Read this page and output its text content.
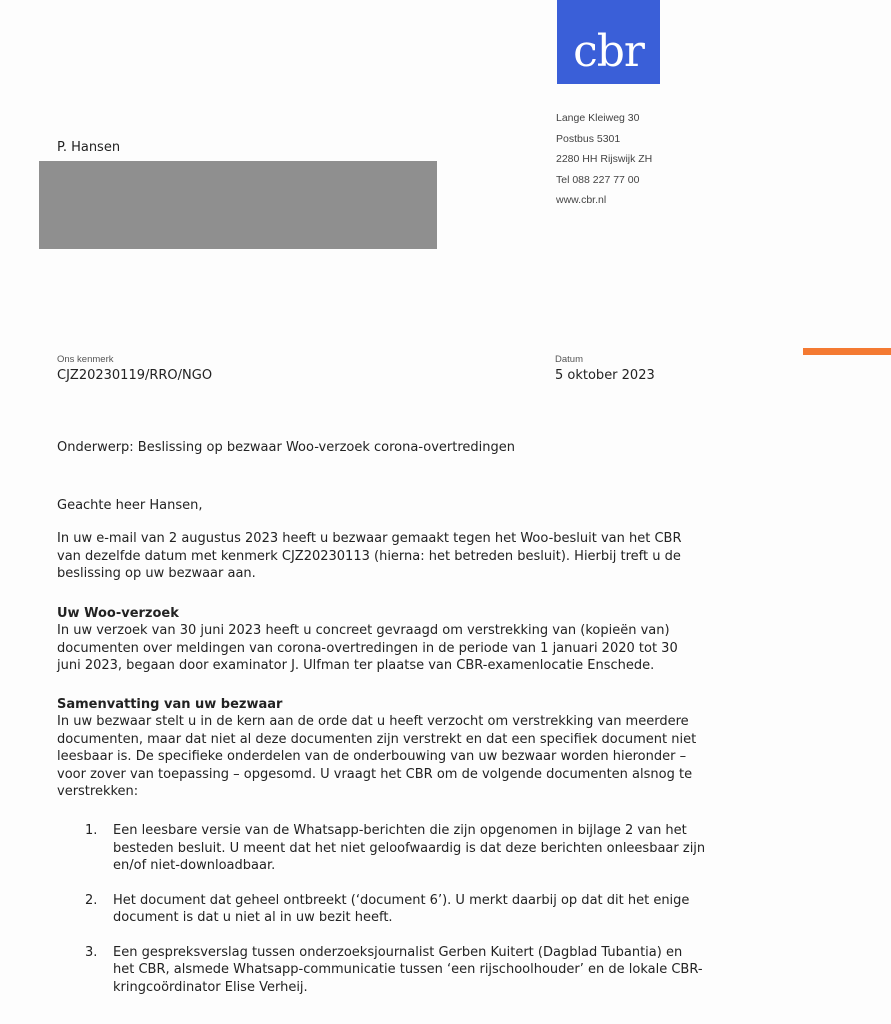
cbr
Lange Kleiweg 30
Postbus 5301
2280 HH Rijswijk ZH
Tel 088 227 77 00
www.cbr.nl
P. Hansen
Ons kenmerk
CJZ20230119/RRO/NGO
Datum
5 oktober 2023
Onderwerp: Beslissing op bezwaar Woo-verzoek corona-overtredingen
Geachte heer Hansen,
In uw e-mail van 2 augustus 2023 heeft u bezwaar gemaakt tegen het Woo-besluit van het CBR
van dezelfde datum met kenmerk CJZ20230113 (hierna: het betreden besluit). Hierbij treft u de
beslissing op uw bezwaar aan.
Uw Woo-verzoek
In uw verzoek van 30 juni 2023 heeft u concreet gevraagd om verstrekking van (kopieën van)
documenten over meldingen van corona-overtredingen in de periode van 1 januari 2020 tot 30
juni 2023, begaan door examinator J. Ulfman ter plaatse van CBR-examenlocatie Enschede.
Samenvatting van uw bezwaar
In uw bezwaar stelt u in de kern aan de orde dat u heeft verzocht om verstrekking van meerdere
documenten, maar dat niet al deze documenten zijn verstrekt en dat een specifiek document niet
leesbaar is. De specifieke onderdelen van de onderbouwing van uw bezwaar worden hieronder –
voor zover van toepassing – opgesomd. U vraagt het CBR om de volgende documenten alsnog te
verstrekken:
1.	Een leesbare versie van de Whatsapp-berichten die zijn opgenomen in bijlage 2 van het
besteden besluit. U meent dat het niet geloofwaardig is dat deze berichten onleesbaar zijn
en/of niet-downloadbaar.
2.	Het document dat geheel ontbreekt (‘document 6’). U merkt daarbij op dat dit het enige
document is dat u niet al in uw bezit heeft.
3.	Een gespreksverslag tussen onderzoeksjournalist Gerben Kuitert (Dagblad Tubantia) en
het CBR, alsmede Whatsapp-communicatie tussen ‘een rijschoolhouder’ en de lokale CBR-
kringcoördinator Elise Verheij.
